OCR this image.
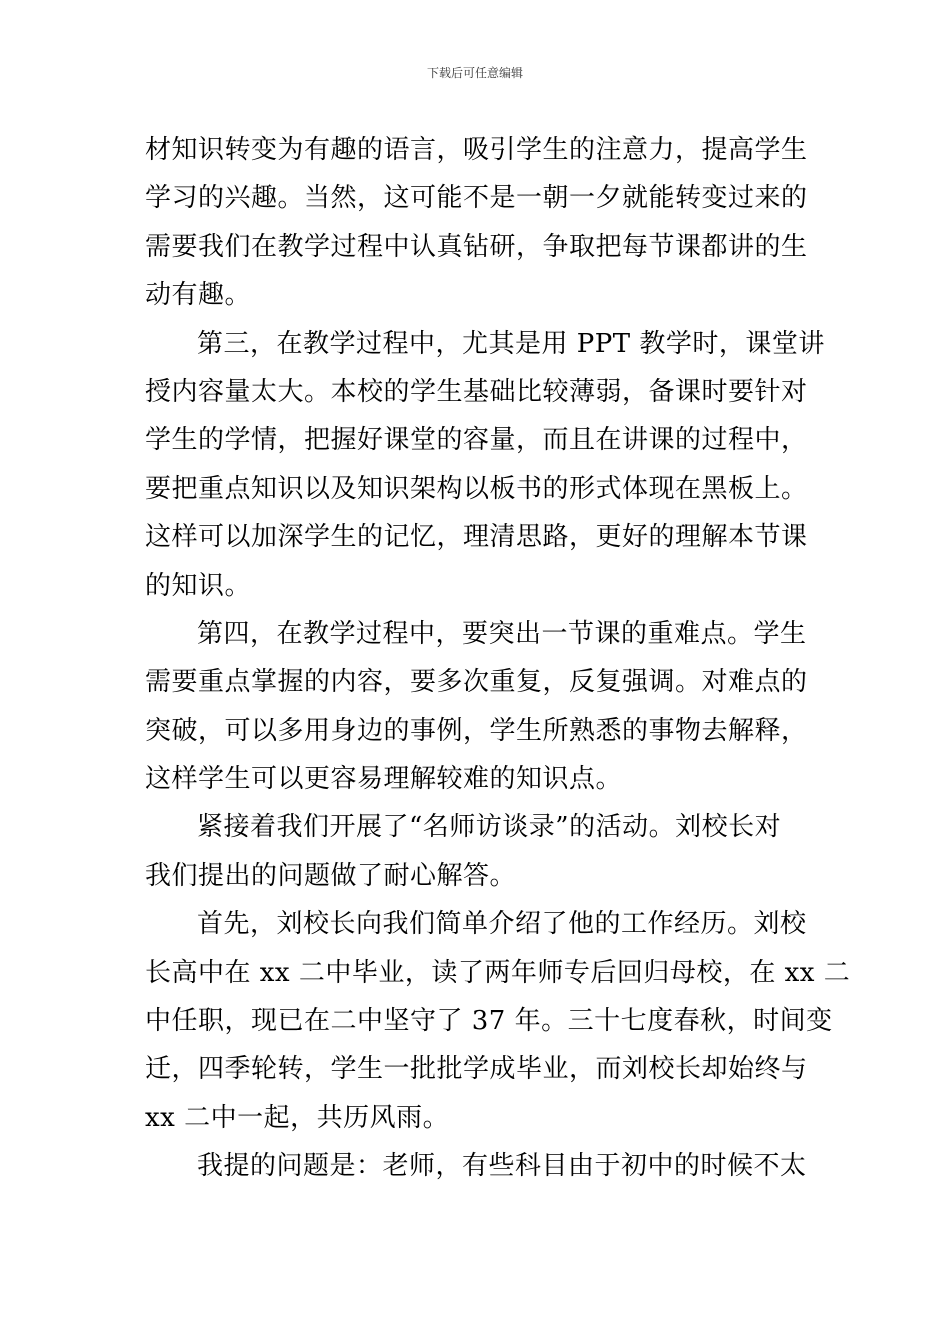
下载后可任意编辑
材知识转变为有趣的语言，吸引学生的注意力，提高学生
学习的兴趣。当然，这可能不是一朝一夕就能转变过来的
需要我们在教学过程中认真钻研，争取把每节课都讲的生
动有趣。
第三，在教学过程中，尤其是用 PPT 教学时，课堂讲
授内容量太大。本校的学生基础比较薄弱，备课时要针对
学生的学情，把握好课堂的容量，而且在讲课的过程中，
要把重点知识以及知识架构以板书的形式体现在黑板上。
这样可以加深学生的记忆，理清思路，更好的理解本节课
的知识。
第四，在教学过程中，要突出一节课的重难点。学生
需要重点掌握的内容，要多次重复，反复强调。对难点的
突破，可以多用身边的事例，学生所熟悉的事物去解释，
这样学生可以更容易理解较难的知识点。
紧接着我们开展了“名师访谈录”的活动。刘校长对
我们提出的问题做了耐心解答。
首先，刘校长向我们简单介绍了他的工作经历。刘校
长高中在 xx 二中毕业，读了两年师专后回归母校，在 xx 二
中任职，现已在二中坚守了 37 年。三十七度春秋，时间变
迁，四季轮转，学生一批批学成毕业，而刘校长却始终与
xx 二中一起，共历风雨。
我提的问题是：老师，有些科目由于初中的时候不太
